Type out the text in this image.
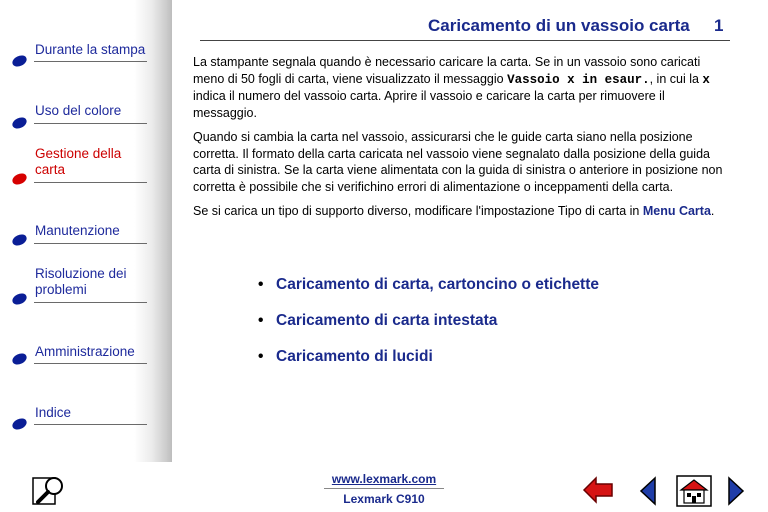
Durante la stampa
Uso del colore
Gestione della carta
Manutenzione
Risoluzione dei problemi
Amministrazione
Indice
Caricamento di un vassoio carta 1

La stampante segnala quando è necessario caricare la carta. Se in un vassoio sono caricati meno di 50 fogli di carta, viene visualizzato il messaggio Vassoio x in esaur., in cui la x indica il numero del vassoio carta. Aprire il vassoio e caricare la carta per rimuovere il messaggio.

Quando si cambia la carta nel vassoio, assicurarsi che le guide carta siano nella posizione corretta. Il formato della carta caricata nel vassoio viene segnalato dalla posizione della guida carta di sinistra. Se la carta viene alimentata con la guida di sinistra o anteriore in posizione non corretta è possibile che si verifichino errori di alimentazione o inceppamenti della carta.

Se si carica un tipo di supporto diverso, modificare l'impostazione Tipo di carta in Menu Carta.

• Caricamento di carta, cartoncino o etichette
• Caricamento di carta intestata
• Caricamento di lucidi
www.lexmark.com
Lexmark C910
